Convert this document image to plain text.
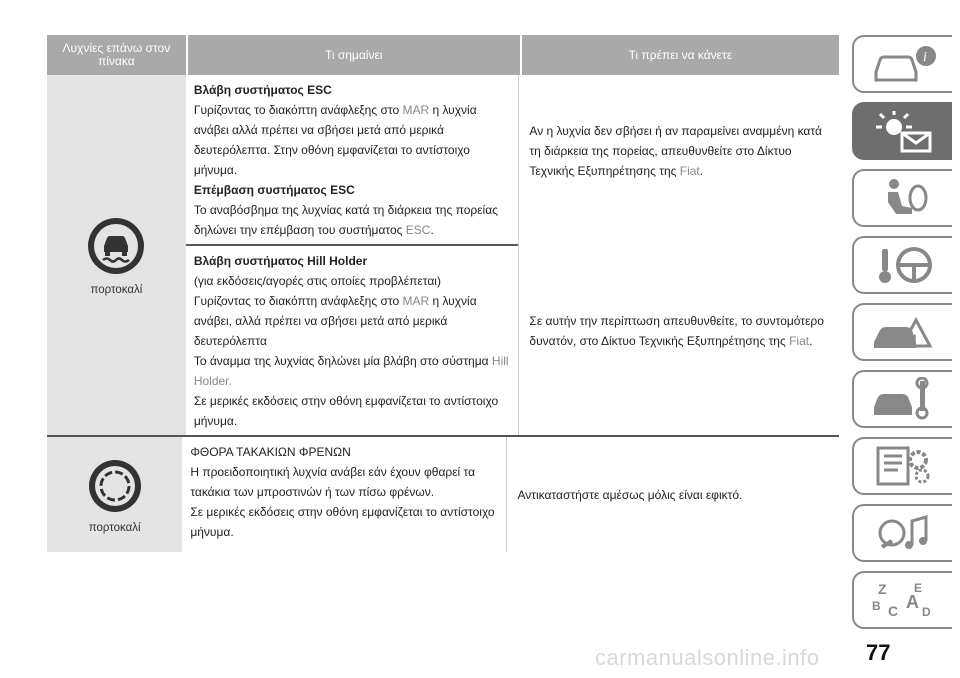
Λυχνίες επάνω στον πίνακα	Τι σημαίνει	Τι πρέπει να κάνετε
πορτοκαλί
Βλάβη συστήματος ESC
Γυρίζοντας το διακόπτη ανάφλεξης στο MAR η λυχνία ανάβει αλλά πρέπει να σβήσει μετά από μερικά δευτερόλεπτα. Στην οθόνη εμφανίζεται το αντίστοιχο μήνυμα.
Επέμβαση συστήματος ESC
Το αναβόσβημα της λυχνίας κατά τη διάρκεια της πορείας δηλώνει την επέμβαση του συστήματος ESC.
Βλάβη συστήματος Hill Holder
(για εκδόσεις/αγορές στις οποίες προβλέπεται)
Γυρίζοντας το διακόπτη ανάφλεξης στο MAR η λυχνία ανάβει, αλλά πρέπει να σβήσει μετά από μερικά δευτερόλεπτα
Το άναμμα της λυχνίας δηλώνει μία βλάβη στο σύστημα Hill Holder.
Σε μερικές εκδόσεις στην οθόνη εμφανίζεται το αντίστοιχο μήνυμα.
Αν η λυχνία δεν σβήσει ή αν παραμείνει αναμμένη κατά τη διάρκεια της πορείας, απευθυνθείτε στο Δίκτυο Τεχνικής Εξυπηρέτησης της Fiat.
Σε αυτήν την περίπτωση απευθυνθείτε, το συντομότερο δυνατόν, στο Δίκτυο Τεχνικής Εξυπηρέτησης της Fiat.
πορτοκαλί
ΦΘΟΡΑ ΤΑΚΑΚΙΩΝ ΦΡΕΝΩΝ
Η προειδοποιητική λυχνία ανάβει εάν έχουν φθαρεί τα τακάκια των μπροστινών ή των πίσω φρένων.
Σε μερικές εκδόσεις στην οθόνη εμφανίζεται το αντίστοιχο μήνυμα.
Αντικαταστήστε αμέσως μόλις είναι εφικτό.
i
!
Z E
B A
C D
77
carmanualsonline.info
